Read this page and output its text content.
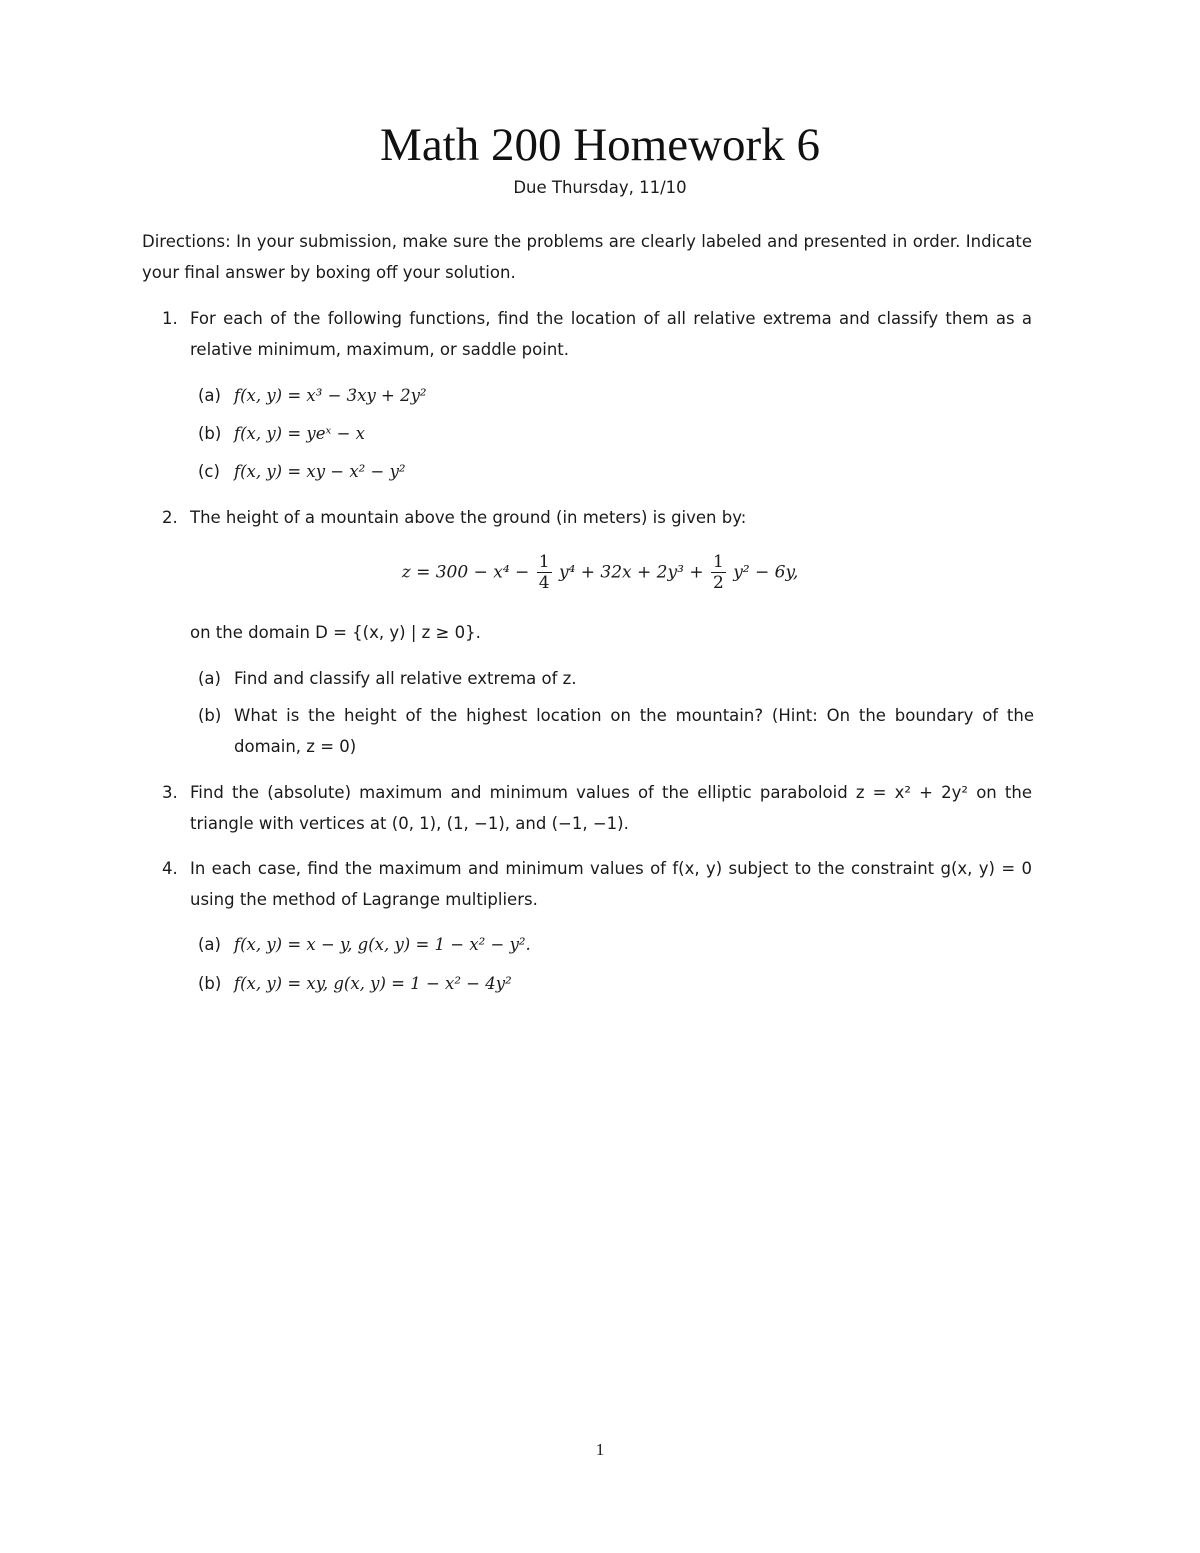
Math 200 Homework 6
Due Thursday, 11/10
Directions: In your submission, make sure the problems are clearly labeled and presented in order. Indicate your final answer by boxing off your solution.
1. For each of the following functions, find the location of all relative extrema and classify them as a relative minimum, maximum, or saddle point.
(a) f(x, y) = x³ − 3xy + 2y²
(b) f(x, y) = yeˣ − x
(c) f(x, y) = xy − x² − y²
2. The height of a mountain above the ground (in meters) is given by:
$z = 300 - x^4 - \frac{1}{4} y^4 + 32x + 2y^3 + \frac{1}{2} y^2 - 6y$,
on the domain D = {(x, y) | z ≥ 0}.
(a) Find and classify all relative extrema of z.
(b) What is the height of the highest location on the mountain? (Hint: On the boundary of the domain, z = 0)
3. Find the (absolute) maximum and minimum values of the elliptic paraboloid z = x² + 2y² on the triangle with vertices at (0, 1), (1, −1), and (−1, −1).
4. In each case, find the maximum and minimum values of f(x, y) subject to the constraint g(x, y) = 0 using the method of Lagrange multipliers.
(a) f(x, y) = x − y, g(x, y) = 1 − x² − y².
(b) f(x, y) = xy, g(x, y) = 1 − x² − 4y²
1
